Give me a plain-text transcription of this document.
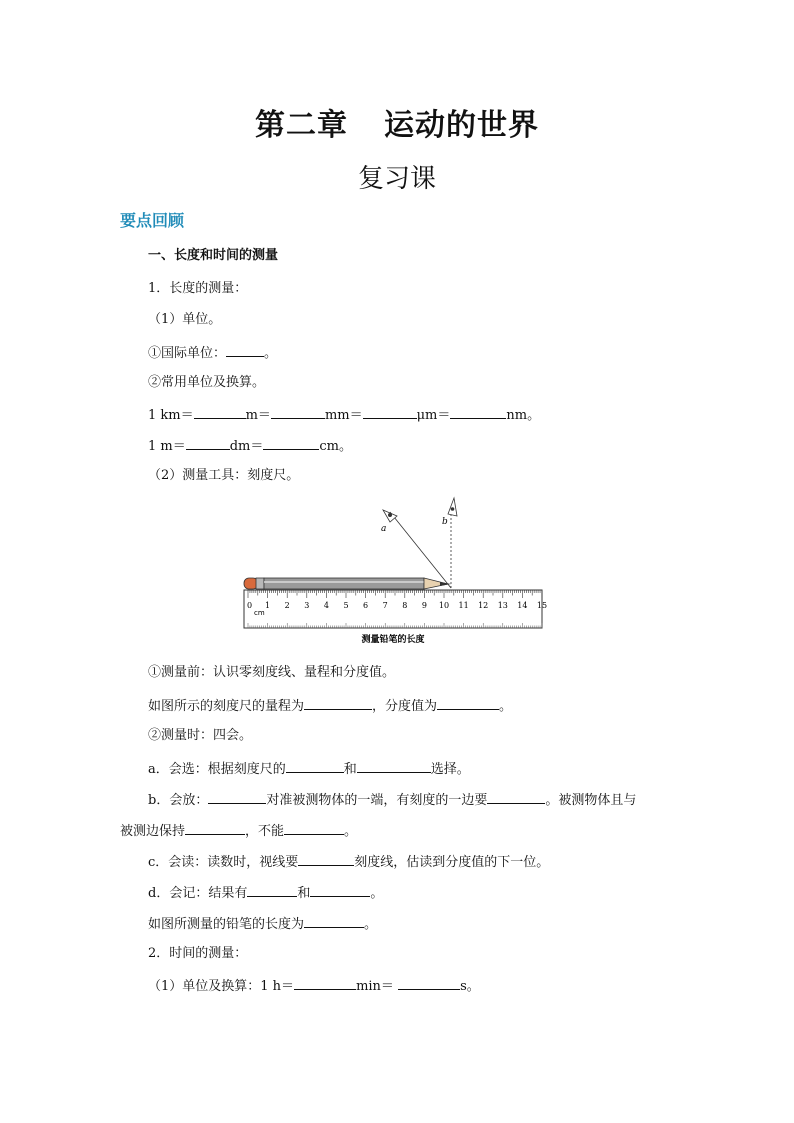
第二章 运动的世界
复习课
要点回顾
一、长度和时间的测量
1．长度的测量：
（1）单位。
①国际单位：	。
②常用单位及换算。
1 km＝	m＝	mm＝	μm＝	nm。
1 m＝	dm＝	cm。
（2）测量工具：刻度尺。
a
b
0 1 2 3 4 5 6 7 8 9 10 11 12 13 14 15
cm
测量铅笔的长度
①测量前：认识零刻度线、量程和分度值。
如图所示的刻度尺的量程为	，分度值为	。
②测量时：四会。
a．会选：根据刻度尺的	和	选择。
b．会放：	对准被测物体的一端，有刻度的一边要	。被测物体且与
被测边保持	，不能	。
c．会读：读数时，视线要	刻度线，估读到分度值的下一位。
d．会记：结果有	和	。
如图所测量的铅笔的长度为	。
2．时间的测量：
（1）单位及换算：1 h＝	min＝	s。
